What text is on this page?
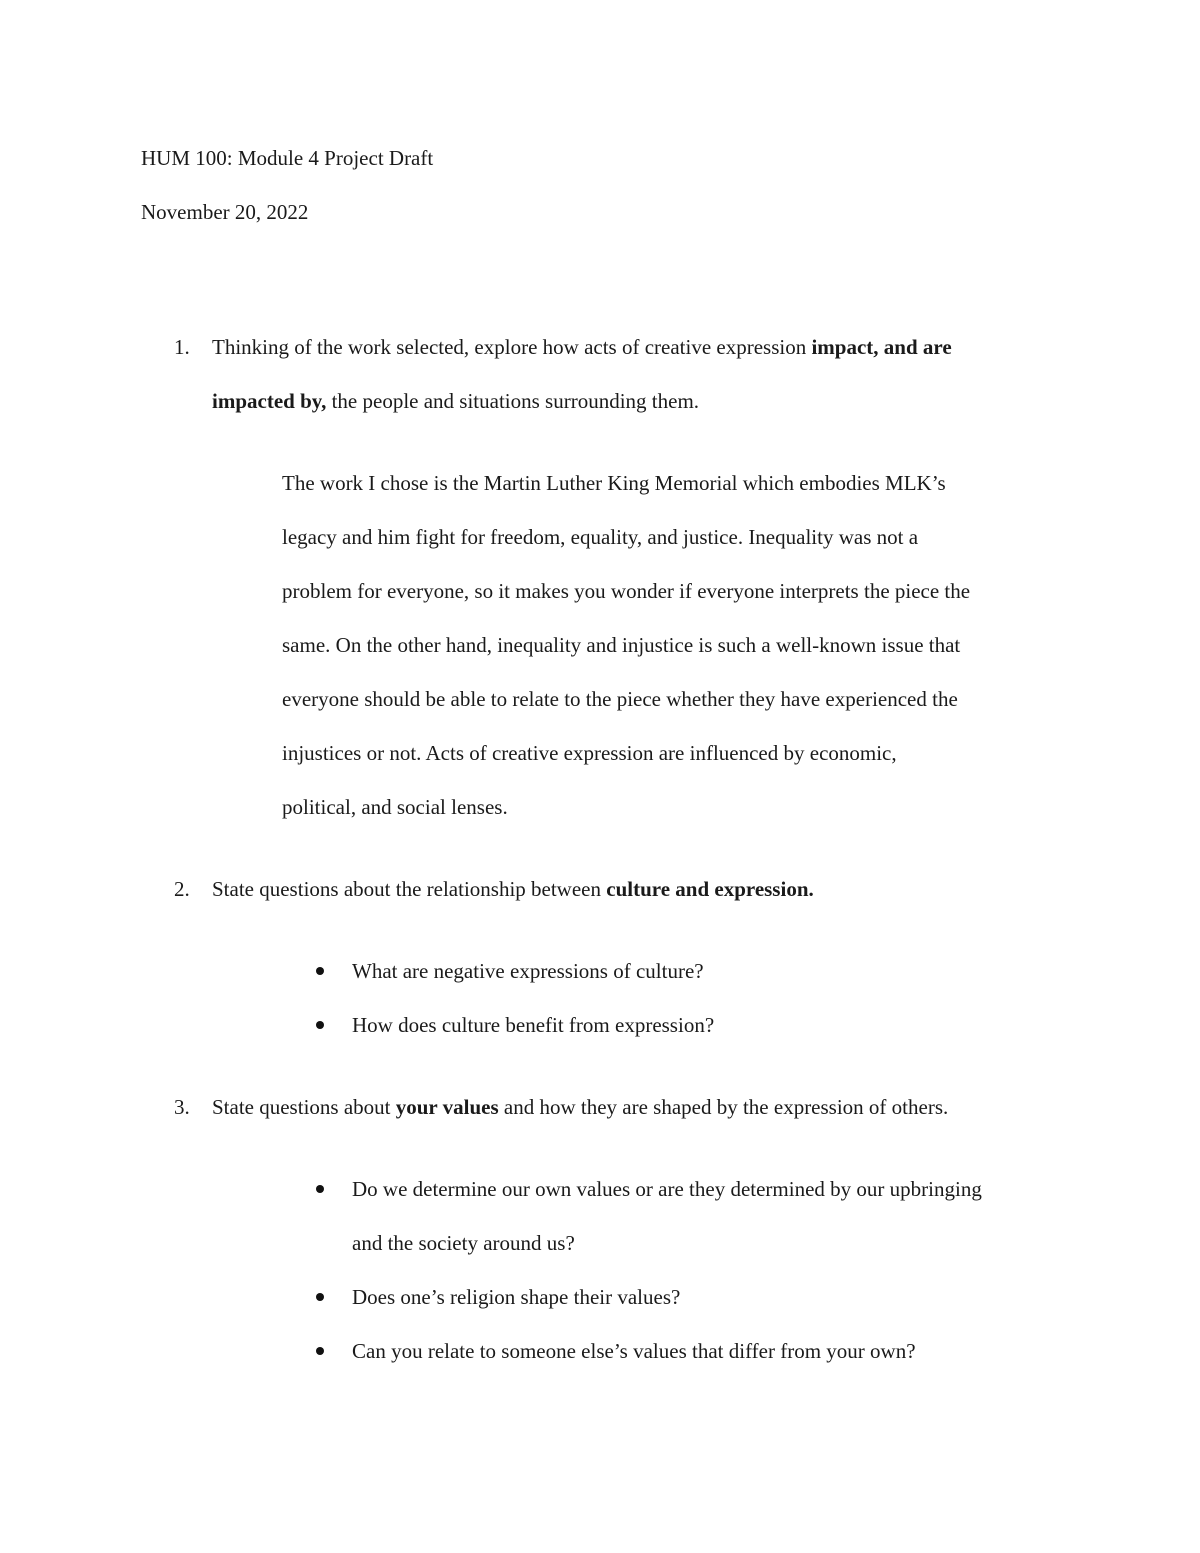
HUM 100: Module 4 Project Draft
November 20, 2022
1. Thinking of the work selected, explore how acts of creative expression impact, and are
impacted by, the people and situations surrounding them.
The work I chose is the Martin Luther King Memorial which embodies MLK’s
legacy and him fight for freedom, equality, and justice. Inequality was not a
problem for everyone, so it makes you wonder if everyone interprets the piece the
same. On the other hand, inequality and injustice is such a well-known issue that
everyone should be able to relate to the piece whether they have experienced the
injustices or not. Acts of creative expression are influenced by economic,
political, and social lenses.
2. State questions about the relationship between culture and expression.
What are negative expressions of culture?
How does culture benefit from expression?
3. State questions about your values and how they are shaped by the expression of others.
Do we determine our own values or are they determined by our upbringing
and the society around us?
Does one’s religion shape their values?
Can you relate to someone else’s values that differ from your own?
